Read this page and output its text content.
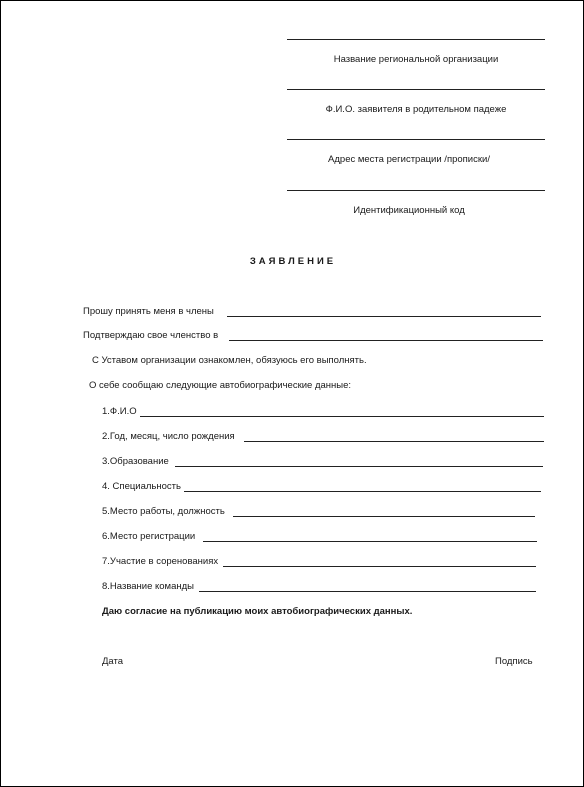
Название региональной организации
Ф.И.О. заявителя в родительном падеже
Адрес места регистрации /прописки/
Идентификационный код
ЗАЯВЛЕНИЕ
Прошу принять меня в члены
Подтверждаю свое членство в
С Уставом организации ознакомлен, обязуюсь его выполнять.
О себе сообщаю следующие автобиографические данные:
1.Ф.И.О
2.Год, месяц, число рождения
3.Образование
4. Специальность
5.Место работы, должность
6.Место регистрации
7.Участие в соренованиях
8.Название команды
Даю согласие на публикацию моих автобиографических данных.
Дата	Подпись
